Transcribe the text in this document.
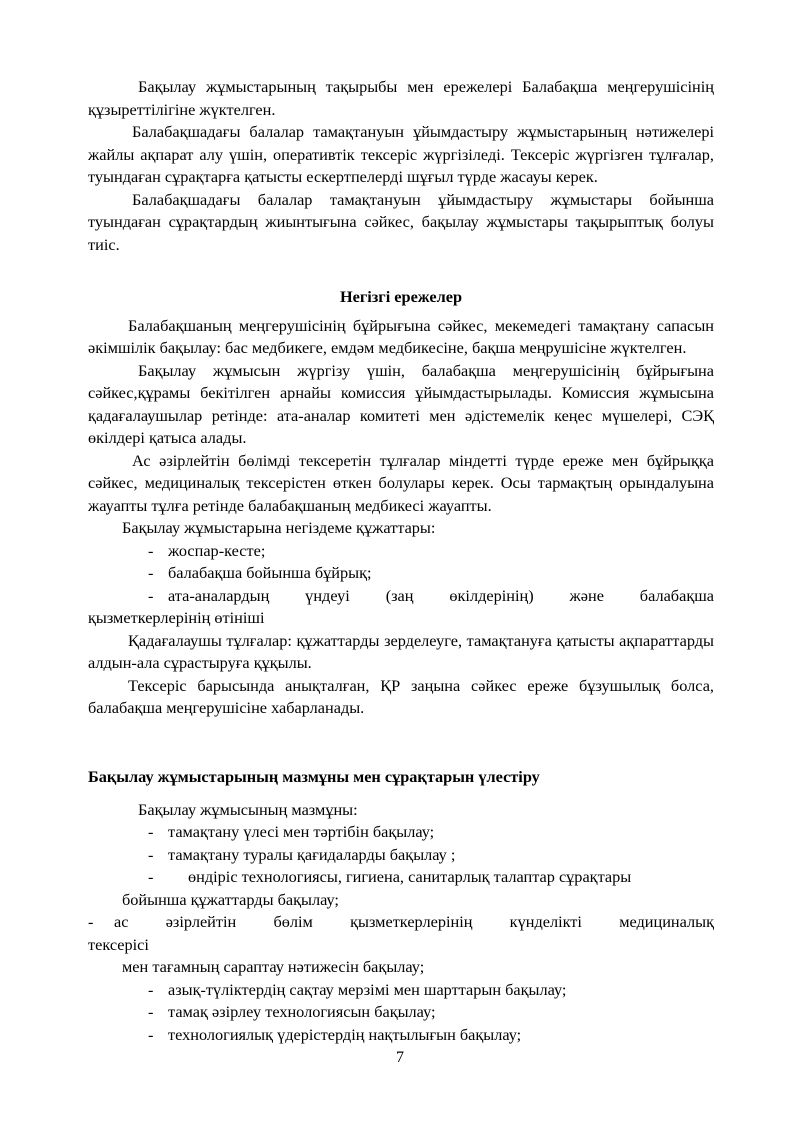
Бақылау жұмыстарының тақырыбы мен ережелері Балабақша меңгерушісінің құзыреттілігіне жүктелген.

Балабақшадағы балалар тамақтануын ұйымдастыру жұмыстарының нәтижелері жайлы ақпарат алу үшін, оперативтік тексеріс жүргізіледі. Тексеріс жүргізген тұлғалар, туындаған сұрақтарға қатысты ескертпелерді шұғыл түрде жасауы керек.

Балабақшадағы балалар тамақтануын ұйымдастыру жұмыстары бойынша туындаған сұрақтардың жиынтығына сәйкес, бақылау жұмыстары тақырыптық болуы тиіс.

Негізгі ережелер

Балабақшаның меңгерушісінің бұйрығына сәйкес, мекемедегі тамақтану сапасын әкімшілік бақылау: бас медбикеге, емдәм медбикесіне, бақша меңрушісіне жүктелген.

Бақылау жұмысын жүргізу үшін, балабақша меңгерушісінің бұйрығына сәйкес,құрамы бекітілген арнайы комиссия ұйымдастырылады. Комиссия жұмысына қадағалаушылар ретінде: ата-аналар комитеті мен әдістемелік кеңес мүшелері, СЭҚ өкілдері қатыса алады.

Ас әзірлейтін бөлімді тексеретін тұлғалар міндетті түрде ереже мен бұйрыққа сәйкес, медициналық тексерістен өткен болулары керек. Осы тармақтың орындалуына жауапты тұлға ретінде балабақшаның медбикесі жауапты.

Бақылау жұмыстарына негіздеме құжаттары:

- жоспар-кесте;
- балабақша бойынша бұйрық;
- ата-аналардың үндеуі (заң өкілдерінің) және балабақша

қызметкерлерінің өтініші

Қадағалаушы тұлғалар: құжаттарды зерделеуге, тамақтануға қатысты ақпараттарды алдын-ала сұрастыруға құқылы.

Тексеріс барысында анықталған, ҚР заңына сәйкес ереже бұзушылық болса, балабақша меңгерушісіне хабарланады.

Бақылау жұмыстарының мазмұны мен сұрақтарын үлестіру

Бақылау жұмысының мазмұны:

- тамақтану үлесі мен тәртібін бақылау;
- тамақтану туралы қағидаларды бақылау ;
- өндіріс технологиясы, гигиена, санитарлық талаптар сұрақтары

бойынша құжаттарды бақылау;

- ас әзірлейтін бөлім қызметкерлерінің күнделікті медициналық

тексерісі

мен тағамның сараптау нәтижесін бақылау;

- азық-түліктердің сақтау мерзімі мен шарттарын бақылау;
- тамақ әзірлеу технологиясын бақылау;
- технологиялық үдерістердің нақтылығын бақылау;
7
